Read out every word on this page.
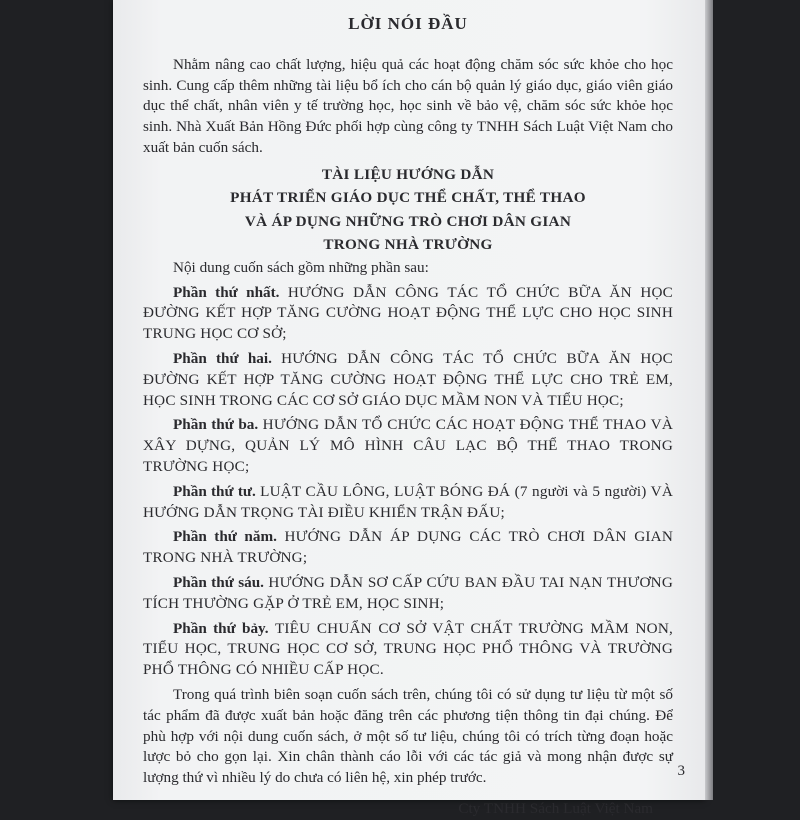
LỜI NÓI ĐẦU

Nhằm nâng cao chất lượng, hiệu quả các hoạt động chăm sóc sức khỏe cho học sinh. Cung cấp thêm những tài liệu bổ ích cho cán bộ quản lý giáo dục, giáo viên giáo dục thể chất, nhân viên y tế trường học, học sinh về bảo vệ, chăm sóc sức khỏe học sinh. Nhà Xuất Bản Hồng Đức phối hợp cùng công ty TNHH Sách Luật Việt Nam cho xuất bản cuốn sách.

TÀI LIỆU HƯỚNG DẪN
PHÁT TRIỂN GIÁO DỤC THỂ CHẤT, THỂ THAO
VÀ ÁP DỤNG NHỮNG TRÒ CHƠI DÂN GIAN
TRONG NHÀ TRƯỜNG

Nội dung cuốn sách gồm những phần sau:

Phần thứ nhất. HƯỚNG DẪN CÔNG TÁC TỔ CHỨC BỮA ĂN HỌC ĐƯỜNG KẾT HỢP TĂNG CƯỜNG HOẠT ĐỘNG THỂ LỰC CHO HỌC SINH TRUNG HỌC CƠ SỞ;

Phần thứ hai. HƯỚNG DẪN CÔNG TÁC TỔ CHỨC BỮA ĂN HỌC ĐƯỜNG KẾT HỢP TĂNG CƯỜNG HOẠT ĐỘNG THỂ LỰC CHO TRẺ EM, HỌC SINH TRONG CÁC CƠ SỞ GIÁO DỤC MẦM NON VÀ TIỂU HỌC;

Phần thứ ba. HƯỚNG DẪN TỔ CHỨC CÁC HOẠT ĐỘNG THỂ THAO VÀ XÂY DỰNG, QUẢN LÝ MÔ HÌNH CÂU LẠC BỘ THỂ THAO TRONG TRƯỜNG HỌC;

Phần thứ tư. LUẬT CẦU LÔNG, LUẬT BÓNG ĐÁ (7 người và 5 người) VÀ HƯỚNG DẪN TRỌNG TÀI ĐIỀU KHIỂN TRẬN ĐẤU;

Phần thứ năm. HƯỚNG DẪN ÁP DỤNG CÁC TRÒ CHƠI DÂN GIAN TRONG NHÀ TRƯỜNG;

Phần thứ sáu. HƯỚNG DẪN SƠ CẤP CỨU BAN ĐẦU TAI NẠN THƯƠNG TÍCH THƯỜNG GẶP Ở TRẺ EM, HỌC SINH;

Phần thứ bảy. TIÊU CHUẨN CƠ SỞ VẬT CHẤT TRƯỜNG MẦM NON, TIỂU HỌC, TRUNG HỌC CƠ SỞ, TRUNG HỌC PHỔ THÔNG VÀ TRƯỜNG PHỔ THÔNG CÓ NHIỀU CẤP HỌC.

Trong quá trình biên soạn cuốn sách trên, chúng tôi có sử dụng tư liệu từ một số tác phẩm đã được xuất bản hoặc đăng trên các phương tiện thông tin đại chúng. Để phù hợp với nội dung cuốn sách, ở một số tư liệu, chúng tôi có trích từng đoạn hoặc lược bỏ cho gọn lại. Xin chân thành cáo lỗi với các tác giả và mong nhận được sự lượng thứ vì nhiều lý do chưa có liên hệ, xin phép trước.

Cty TNHH Sách Luật Việt Nam

3
